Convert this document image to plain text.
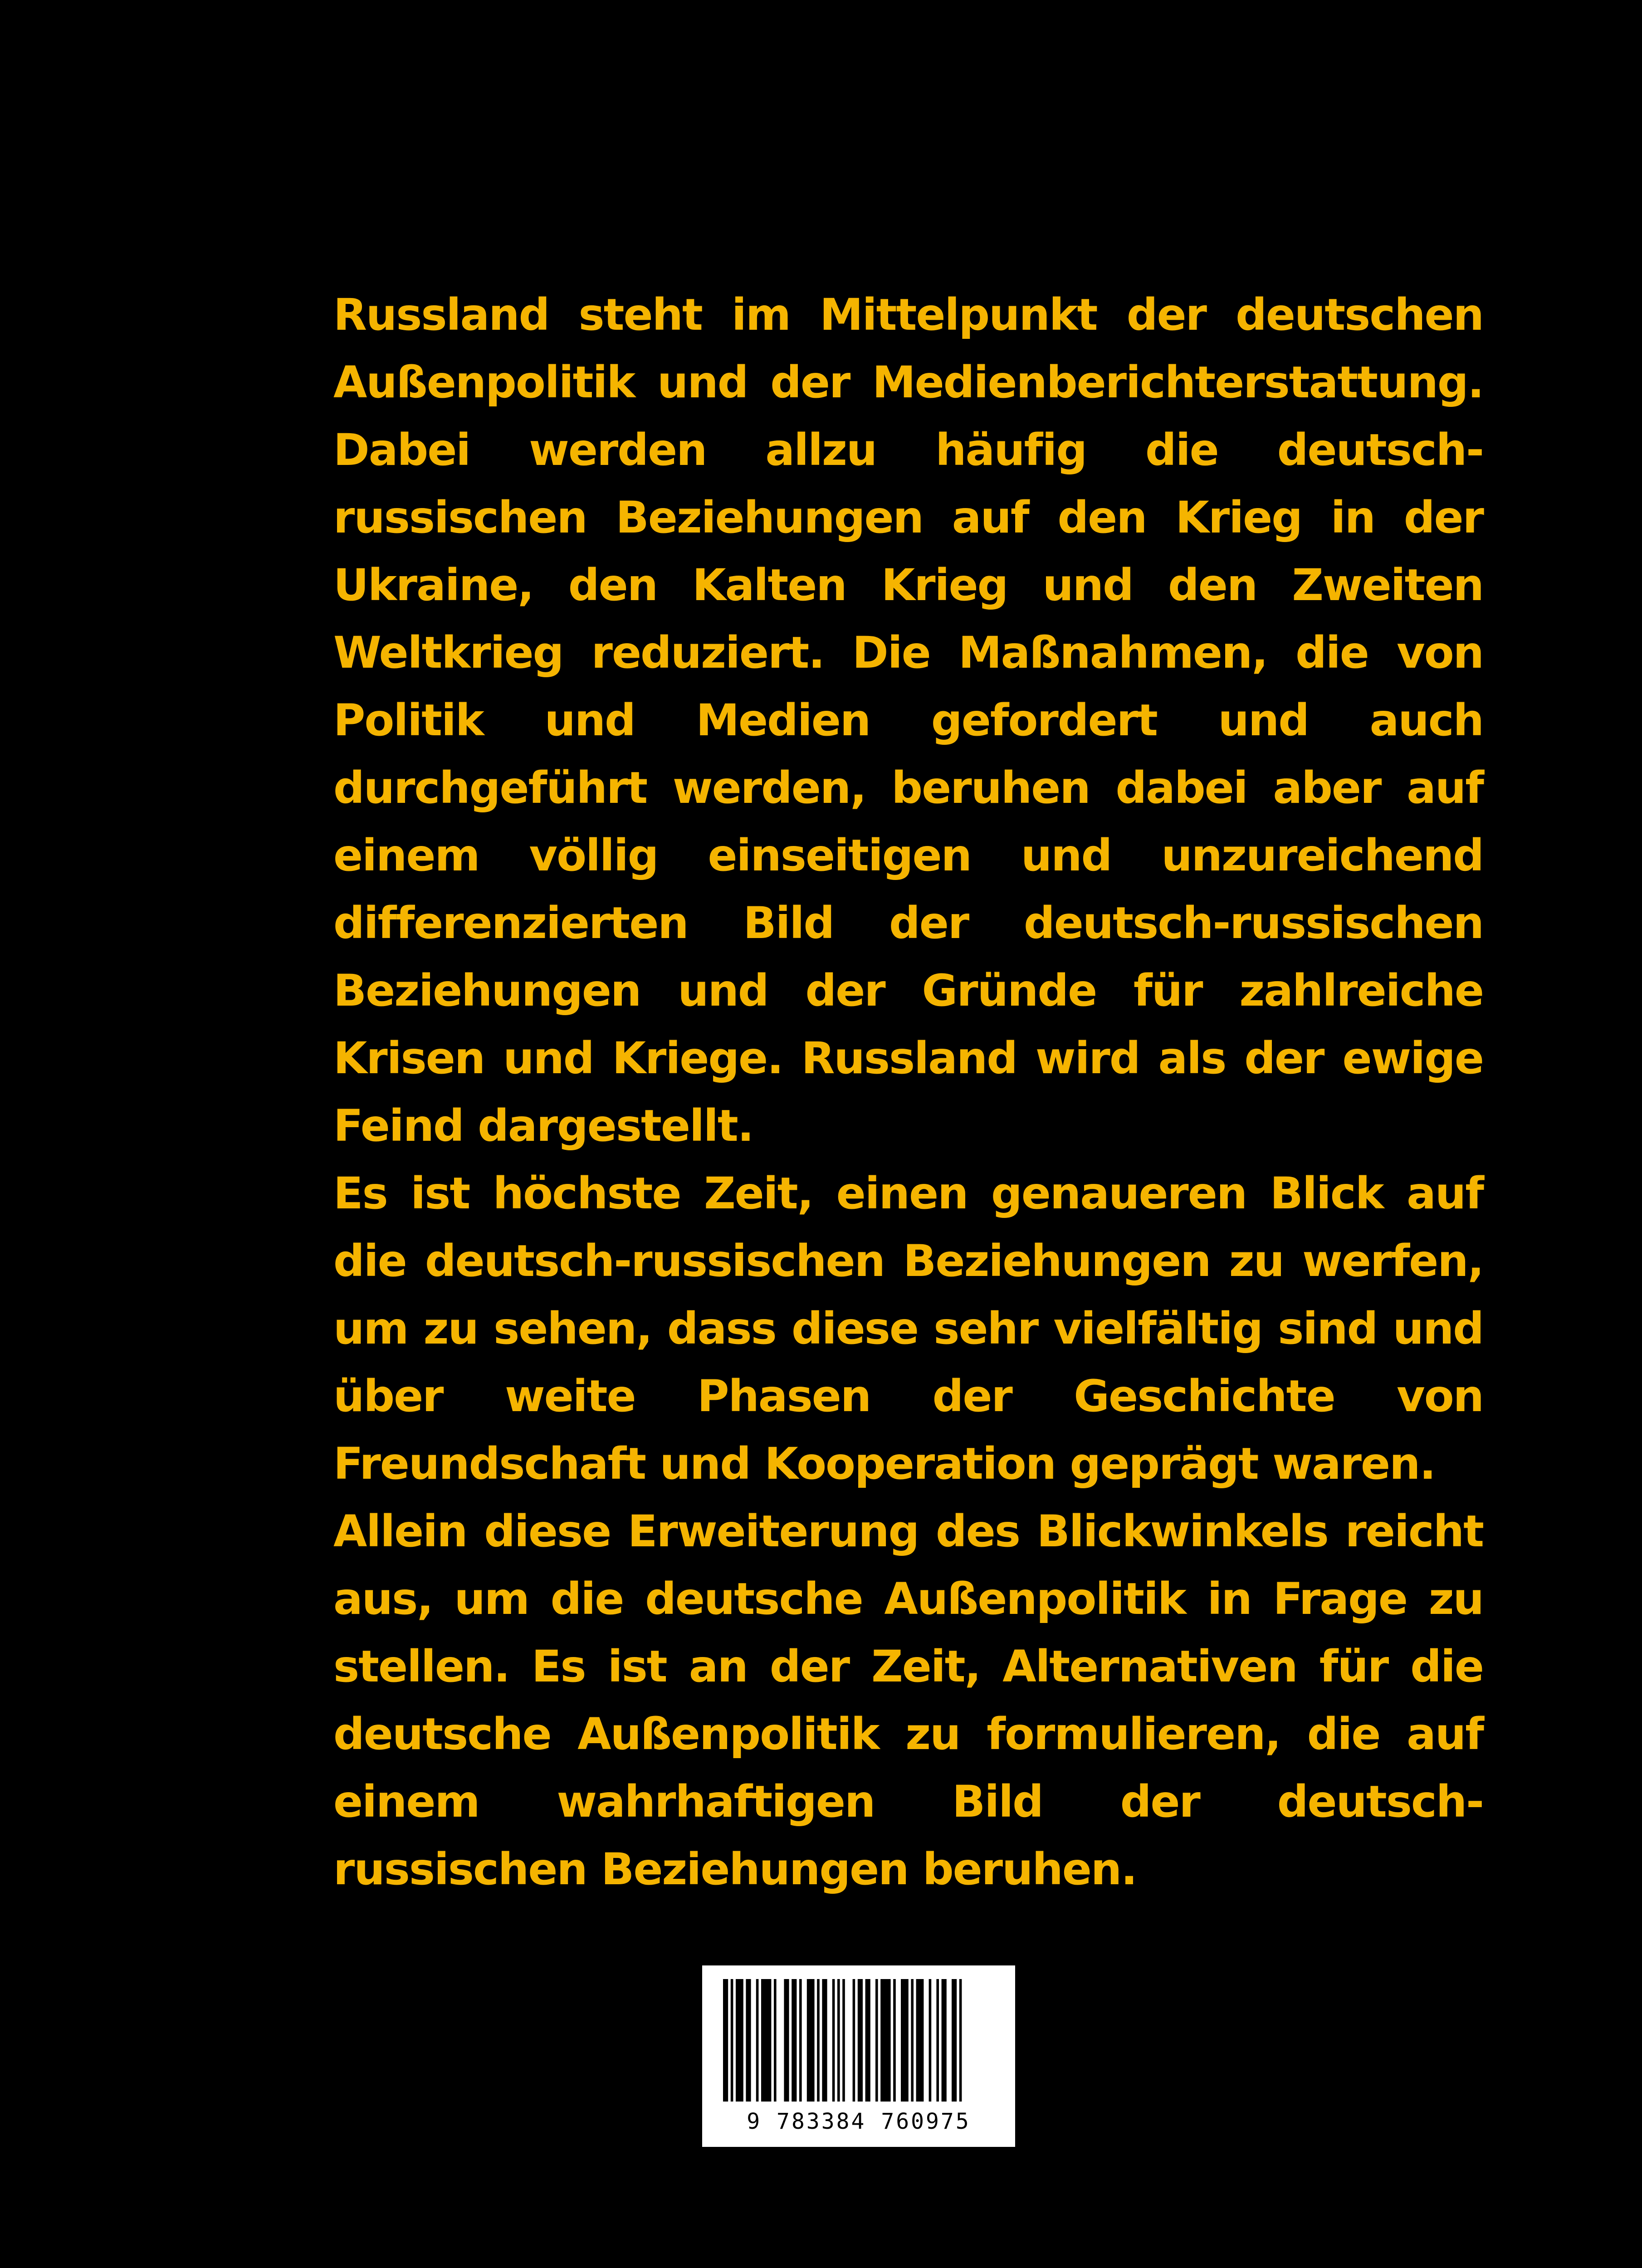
Russland steht im Mittelpunkt der deutschen Außenpolitik und der Medienberichterstattung. Dabei werden allzu häufig die deutsch-russischen Beziehungen auf den Krieg in der Ukraine, den Kalten Krieg und den Zweiten Weltkrieg reduziert. Die Maßnahmen, die von Politik und Medien gefordert und auch durchgeführt werden, beruhen dabei aber auf einem völlig einseitigen und unzureichend differenzierten Bild der deutsch-russischen Beziehungen und der Gründe für zahlreiche Krisen und Kriege. Russland wird als der ewige Feind dargestellt.

Es ist höchste Zeit, einen genaueren Blick auf die deutsch-russischen Beziehungen zu werfen, um zu sehen, dass diese sehr vielfältig sind und über weite Phasen der Geschichte von Freundschaft und Kooperation geprägt waren.

Allein diese Erweiterung des Blickwinkels reicht aus, um die deutsche Außenpolitik in Frage zu stellen. Es ist an der Zeit, Alternativen für die deutsche Außenpolitik zu formulieren, die auf einem wahrhaftigen Bild der deutsch-russischen Beziehungen beruhen.

9 783384 760975
